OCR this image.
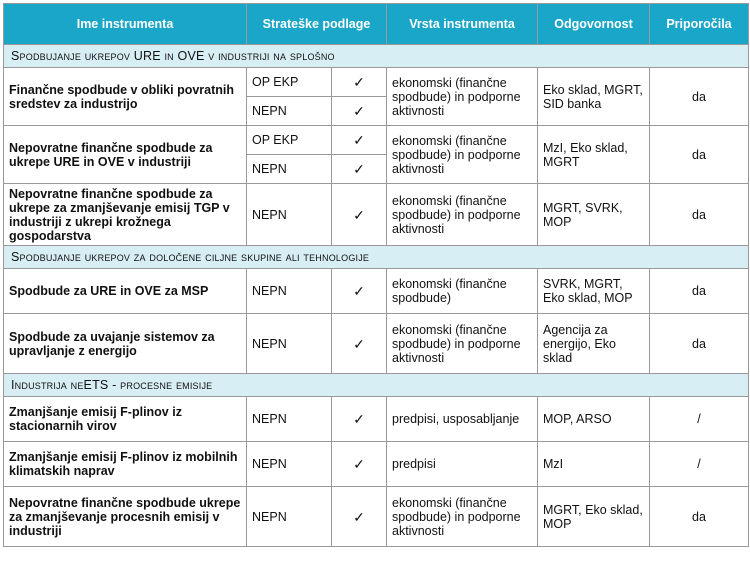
Ime instrumenta	Strateške podlage		Vrsta instrumenta	Odgovornost	Priporočila
Spodbujanje ukrepov URE in OVE v industriji na splošno					
Finančne spodbude v obliki povratnih sredstev za industrijo	OP EKP	✓	ekonomski (finančne spodbude) in podporne aktivnosti	Eko sklad, MGRT, SID banka	da
	NEPN	✓			
Nepovratne finančne spodbude za ukrepe URE in OVE v industriji	OP EKP	✓	ekonomski (finančne spodbude) in podporne aktivnosti	MzI, Eko sklad, MGRT	da
	NEPN	✓			
Nepovratne finančne spodbude za ukrepe za zmanjševanje emisij TGP v industriji z ukrepi krožnega gospodarstva	NEPN	✓	ekonomski (finančne spodbude) in podporne aktivnosti	MGRT, SVRK, MOP	da
Spodbujanje ukrepov za določene ciljne skupine ali tehnologije					
Spodbude za URE in OVE za MSP	NEPN	✓	ekonomski (finančne spodbude)	SVRK, MGRT, Eko sklad, MOP	da
Spodbude za uvajanje sistemov za upravljanje z energijo	NEPN	✓	ekonomski (finančne spodbude) in podporne aktivnosti	Agencija za energijo, Eko sklad	da
Industrija neETS - procesne emisije					
Zmanjšanje emisij F-plinov iz stacionarnih virov	NEPN	✓	predpisi, usposabljanje	MOP, ARSO	/
Zmanjšanje emisij F-plinov iz mobilnih klimatskih naprav	NEPN	✓	predpisi	MzI	/
Nepovratne finančne spodbude ukrepe za zmanjševanje procesnih emisij v industriji	NEPN	✓	ekonomski (finančne spodbude) in podporne aktivnosti	MGRT, Eko sklad, MOP	da
